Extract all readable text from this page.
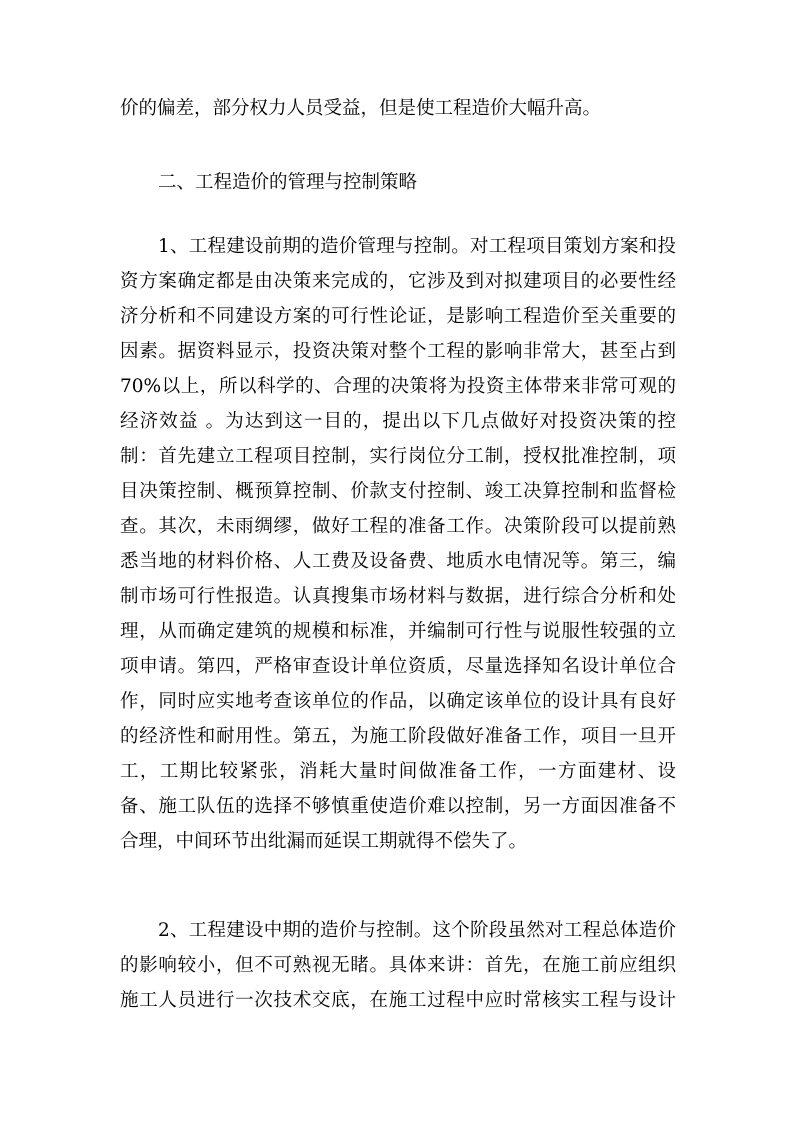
价的偏差，部分权力人员受益，但是使工程造价大幅升高。
二、工程造价的管理与控制策略
1、工程建设前期的造价管理与控制。对工程项目策划方案和投
资方案确定都是由决策来完成的，它涉及到对拟建项目的必要性经
济分析和不同建设方案的可行性论证，是影响工程造价至关重要的
因素。据资料显示，投资决策对整个工程的影响非常大，甚至占到
70%以上，所以科学的、合理的决策将为投资主体带来非常可观的
经济效益 。为达到这一目的，提出以下几点做好对投资决策的控
制：首先建立工程项目控制，实行岗位分工制，授权批准控制，项
目决策控制、概预算控制、价款支付控制、竣工决算控制和监督检
查。其次，未雨绸缪，做好工程的准备工作。决策阶段可以提前熟
悉当地的材料价格、人工费及设备费、地质水电情况等。第三，编
制市场可行性报造。认真搜集市场材料与数据，进行综合分析和处
理，从而确定建筑的规模和标准，并编制可行性与说服性较强的立
项申请。第四，严格审查设计单位资质，尽量选择知名设计单位合
作，同时应实地考查该单位的作品，以确定该单位的设计具有良好
的经济性和耐用性。第五，为施工阶段做好准备工作，项目一旦开
工，工期比较紧张，消耗大量时间做准备工作，一方面建材、设
备、施工队伍的选择不够慎重使造价难以控制，另一方面因准备不
合理，中间环节出纰漏而延误工期就得不偿失了。
2、工程建设中期的造价与控制。这个阶段虽然对工程总体造价
的影响较小，但不可熟视无睹。具体来讲：首先，在施工前应组织
施工人员进行一次技术交底，在施工过程中应时常核实工程与设计
